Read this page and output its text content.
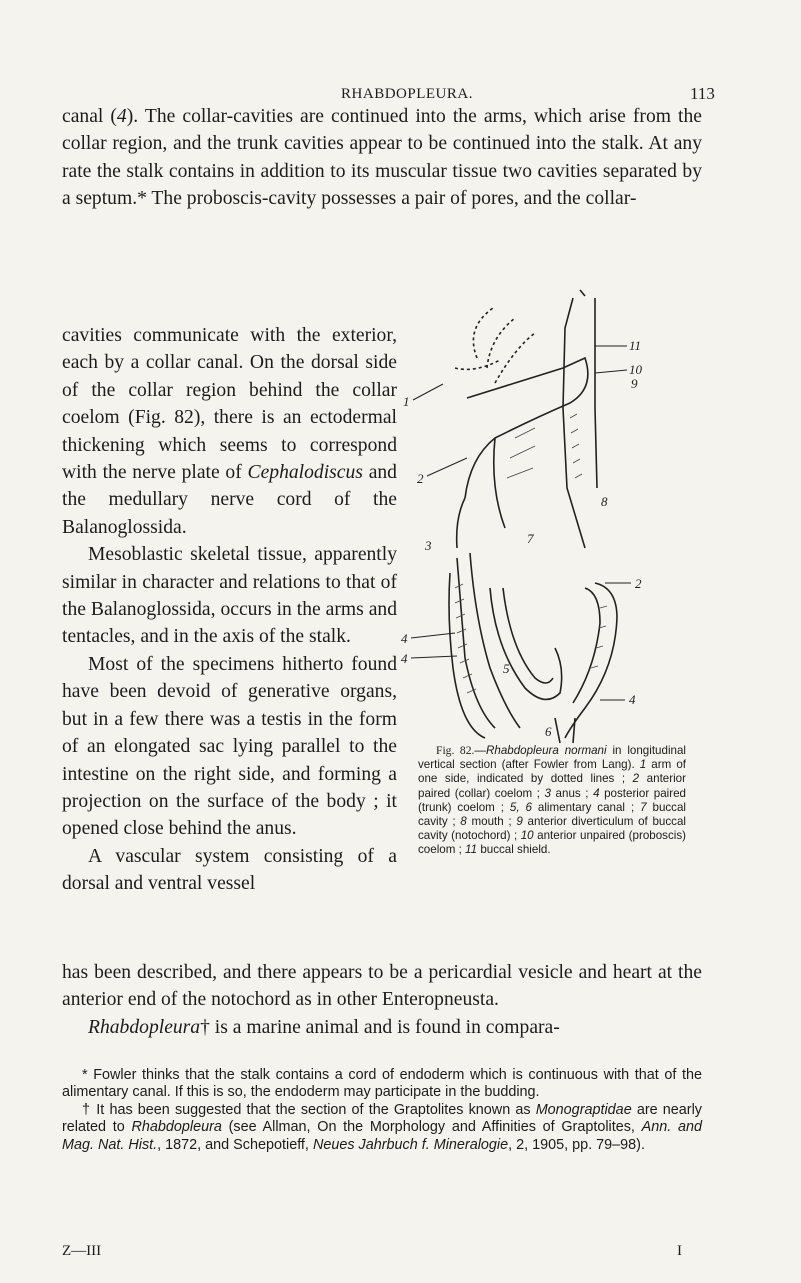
RHABDOPLEURA.	113

canal (4). The collar-cavities are continued into the arms, which arise from the collar region, and the trunk cavities appear to be continued into the stalk. At any rate the stalk contains in addition to its muscular tissue two cavities separated by a septum.* The proboscis-cavity possesses a pair of pores, and the collar-

cavities communicate with the exterior, each by a collar canal. On the dorsal side of the collar region behind the collar coelom (Fig. 82), there is an ectodermal thickening which seems to correspond with the nerve plate of Cephalodiscus and the medullary nerve cord of the Balanoglossida.

Mesoblastic skeletal tissue, apparently similar in character and relations to that of the Balanoglossida, occurs in the arms and tentacles, and in the axis of the stalk.

Most of the specimens hitherto found have been devoid of generative organs, but in a few there was a testis in the form of an elongated sac lying parallel to the intestine on the right side, and forming a projection on the surface of the body ; it opened close behind the anus.

A vascular system consisting of a dorsal and ventral vessel

has been described, and there appears to be a pericardial vesicle and heart at the anterior end of the notochord as in other Enteropneusta.

Rhabdopleura† is a marine animal and is found in compara-

1
2
3
4
4
5
6
7
8
9
10
11
2
4

Fig. 82.—Rhabdopleura normani in longitudinal vertical section (after Fowler from Lang). 1 arm of one side, indicated by dotted lines ; 2 anterior paired (collar) coelom ; 3 anus ; 4 posterior paired (trunk) coelom ; 5, 6 alimentary canal ; 7 buccal cavity ; 8 mouth ; 9 anterior diverticulum of buccal cavity (notochord) ; 10 anterior unpaired (proboscis) coelom ; 11 buccal shield.

* Fowler thinks that the stalk contains a cord of endoderm which is continuous with that of the alimentary canal. If this is so, the endoderm may participate in the budding.

† It has been suggested that the section of the Graptolites known as Monograptidae are nearly related to Rhabdopleura (see Allman, On the Morphology and Affinities of Graptolites, Ann. and Mag. Nat. Hist., 1872, and Schepotieff, Neues Jahrbuch f. Mineralogie, 2, 1905, pp. 79–98).

Z—III	I
